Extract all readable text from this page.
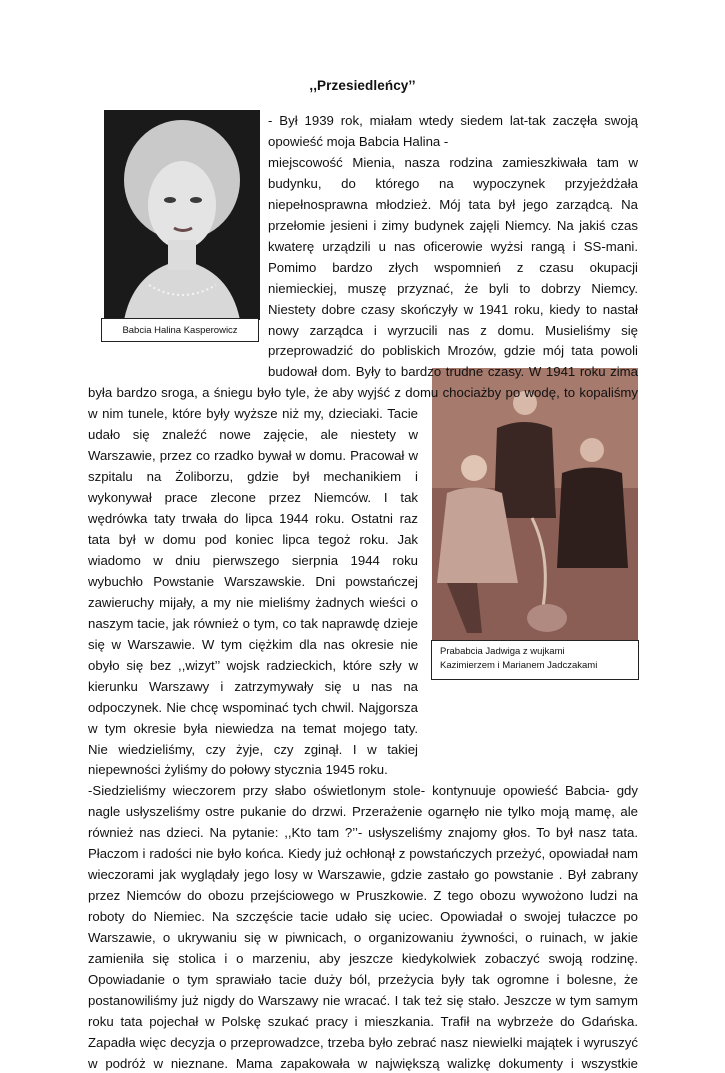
,,Przesiedleńcy’’
Babcia Halina Kasperowicz
Prababcia Jadwiga z wujkami
Kazimierzem i Marianem Jadczakami
- Był 1939 rok, miałam wtedy siedem lat-tak zaczęła swoją
opowieść moja Babcia Halina -
miejscowość Mienia, nasza rodzina zamieszkiwała tam w
budynku, do którego na wypoczynek przyjeżdżała
niepełnosprawna młodzież. Mój tata był jego zarządcą. Na
przełomie jesieni i zimy budynek zajęli Niemcy. Na jakiś czas
kwaterę urządzili u nas oficerowie wyżsi rangą i SS-mani.
Pomimo bardzo złych wspomnień z czasu okupacji
niemieckiej, muszę przyznać, że byli to dobrzy Niemcy.
Niestety dobre czasy skończyły w 1941 roku, kiedy to nastał
nowy zarządca i wyrzucili nas z domu. Musieliśmy się
przeprowadzić do pobliskich Mrozów, gdzie mój tata powoli
budował dom. Były to bardzo trudne czasy. W 1941 roku zima
była bardzo sroga, a śniegu było tyle, że aby wyjść z domu chociażby po wodę, to kopaliśmy
w nim tunele, które były wyższe niż my, dzieciaki. Tacie
udało się znaleźć nowe zajęcie, ale niestety w
Warszawie, przez co rzadko bywał w domu. Pracował w
szpitalu na Żoliborzu, gdzie był mechanikiem i
wykonywał prace zlecone przez Niemców. I tak
wędrówka taty trwała do lipca 1944 roku. Ostatni raz
tata był w domu pod koniec lipca tegoż roku. Jak
wiadomo w dniu pierwszego sierpnia 1944 roku
wybuchło Powstanie Warszawskie. Dni powstańczej
zawieruchy mijały, a my nie mieliśmy żadnych wieści o
naszym tacie, jak również o tym, co tak naprawdę dzieje
się w Warszawie. W tym ciężkim dla nas okresie nie
obyło się bez ,,wizyt’’ wojsk radzieckich, które szły w
kierunku Warszawy i zatrzymywały się u nas na
odpoczynek. Nie chcę wspominać tych chwil. Najgorsza
w tym okresie była niewiedza na temat mojego taty.
Nie wiedzieliśmy, czy żyje, czy zginął. I w takiej
niepewności żyliśmy do połowy stycznia 1945 roku.
-Siedzieliśmy wieczorem przy słabo oświetlonym stole- kontynuuje opowieść Babcia- gdy
nagle usłyszeliśmy ostre pukanie do drzwi. Przerażenie ogarnęło nie tylko moją mamę, ale
również nas dzieci. Na pytanie: ,,Kto tam ?’’- usłyszeliśmy znajomy głos. To był nasz tata.
Płaczom i radości nie było końca. Kiedy już ochłonął z powstańczych przeżyć, opowiadał nam
wieczorami jak wyglądały jego losy w Warszawie, gdzie zastało go powstanie . Był zabrany
przez Niemców do obozu przejściowego w Pruszkowie. Z tego obozu wywożono ludzi na
roboty do Niemiec. Na szczęście tacie udało się uciec. Opowiadał o swojej tułaczce po
Warszawie, o ukrywaniu się w piwnicach, o organizowaniu żywności, o ruinach, w jakie
zamieniła się stolica i o marzeniu, aby jeszcze kiedykolwiek zobaczyć swoją rodzinę.
Opowiadanie o tym sprawiało tacie duży ból, przeżycia były tak ogromne i bolesne, że
postanowiliśmy już nigdy do Warszawy nie wracać. I tak też się stało. Jeszcze w tym samym
roku tata pojechał w Polskę szukać pracy i mieszkania. Trafił na wybrzeże do Gdańska.
Zapadła więc decyzja o przeprowadzce, trzeba było zebrać nasz niewielki majątek i wyruszyć
w podróż w nieznane. Mama zapakowała w największą walizkę dokumenty i wszystkie
